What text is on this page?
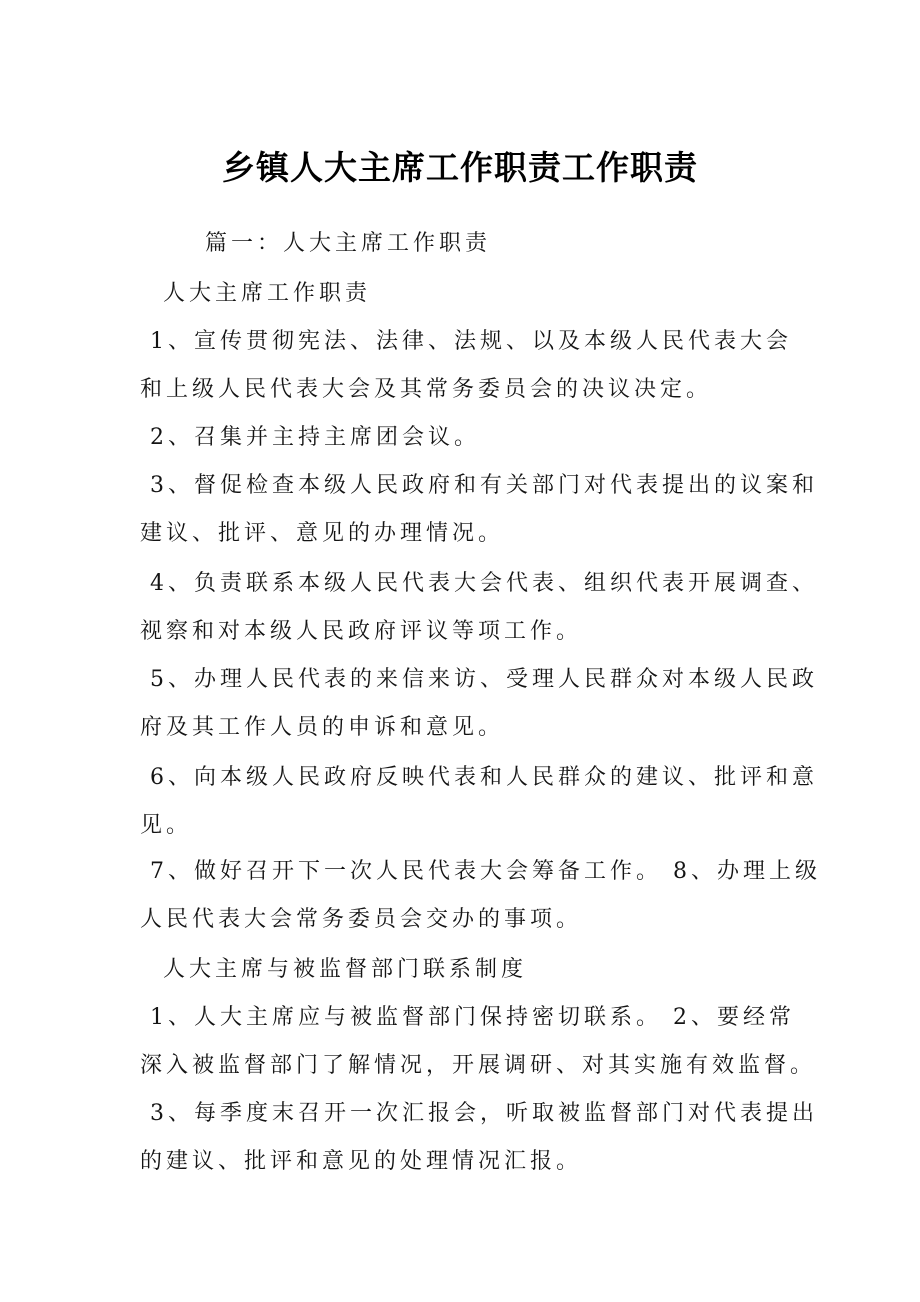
乡镇人大主席工作职责工作职责
篇一：人大主席工作职责
人大主席工作职责
1、宣传贯彻宪法、法律、法规、以及本级人民代表大会
和上级人民代表大会及其常务委员会的决议决定。
2、召集并主持主席团会议。
3、督促检查本级人民政府和有关部门对代表提出的议案和
建议、批评、意见的办理情况。
4、负责联系本级人民代表大会代表、组织代表开展调查、
视察和对本级人民政府评议等项工作。
5、办理人民代表的来信来访、受理人民群众对本级人民政
府及其工作人员的申诉和意见。
6、向本级人民政府反映代表和人民群众的建议、批评和意
见。
7、做好召开下一次人民代表大会筹备工作。 8、办理上级
人民代表大会常务委员会交办的事项。
人大主席与被监督部门联系制度
1、人大主席应与被监督部门保持密切联系。 2、要经常
深入被监督部门了解情况，开展调研、对其实施有效监督。
3、每季度末召开一次汇报会，听取被监督部门对代表提出
的建议、批评和意见的处理情况汇报。
